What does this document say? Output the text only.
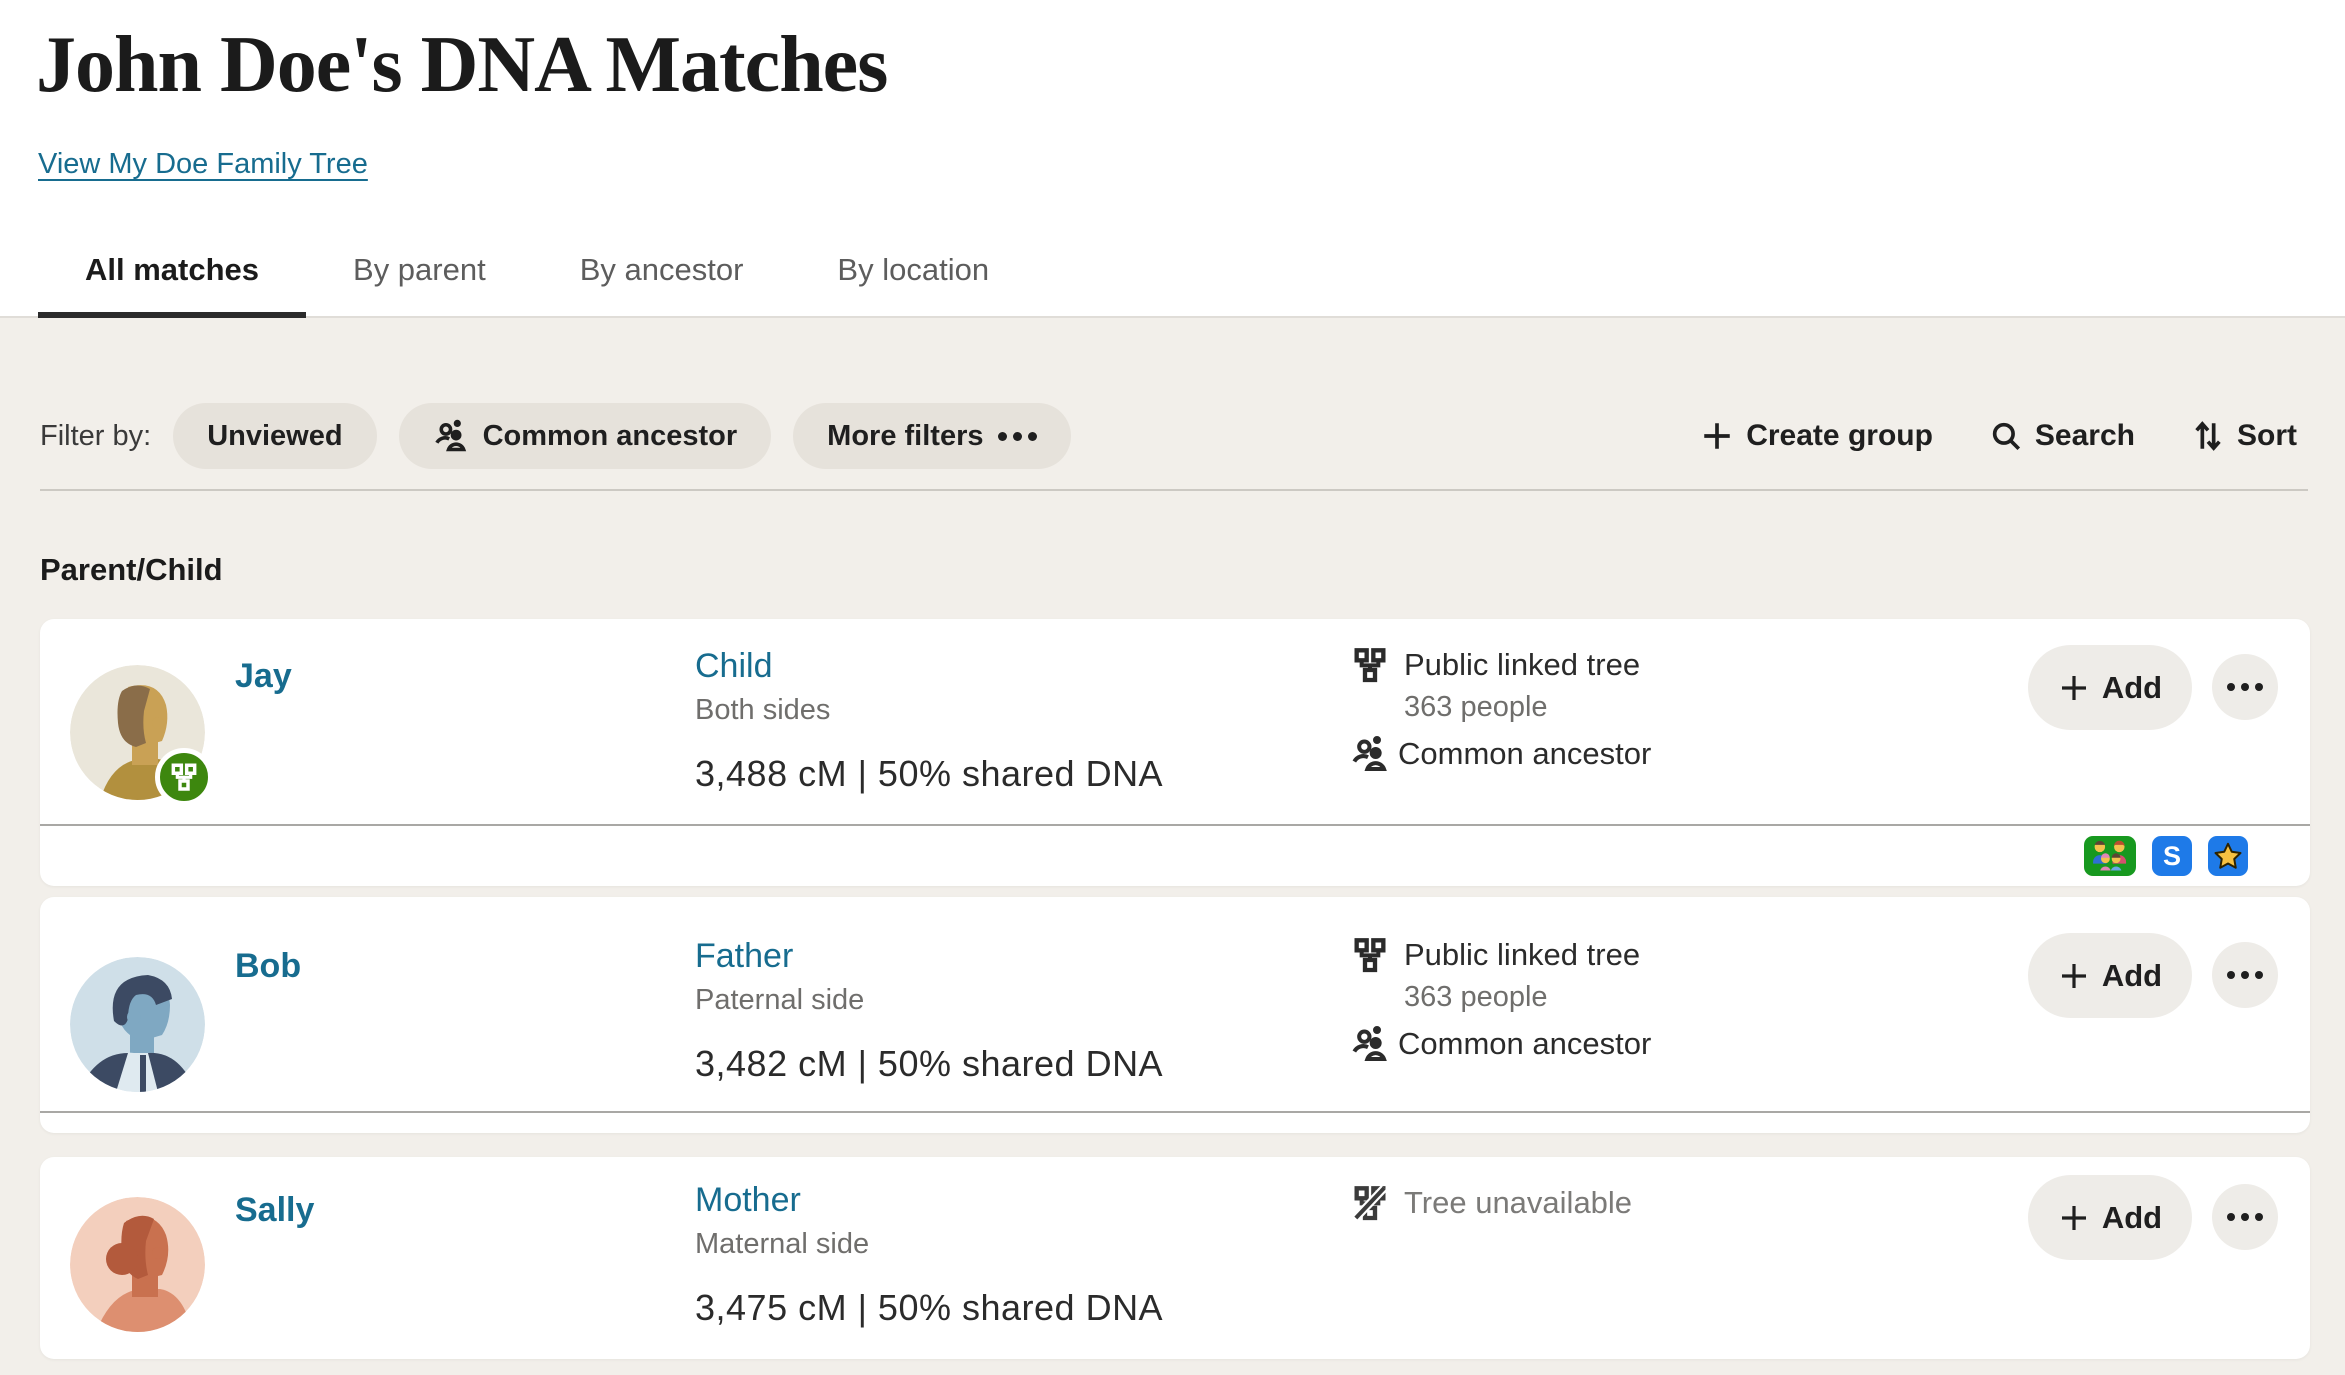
John Doe's DNA Matches
View My Doe Family Tree
All matches	By parent	By ancestor	By location
Filter by: Unviewed	Common ancestor	More filters	Create group	Search	Sort
Parent/Child
Jay	Child
Both sides
3,488 cM | 50% shared DNA
Public linked tree
363 people
Common ancestor
Add
S
Bob	Father
Paternal side
3,482 cM | 50% shared DNA
Public linked tree
363 people
Common ancestor
Add
Sally	Mother
Maternal side
3,475 cM | 50% shared DNA
Tree unavailable	Add
